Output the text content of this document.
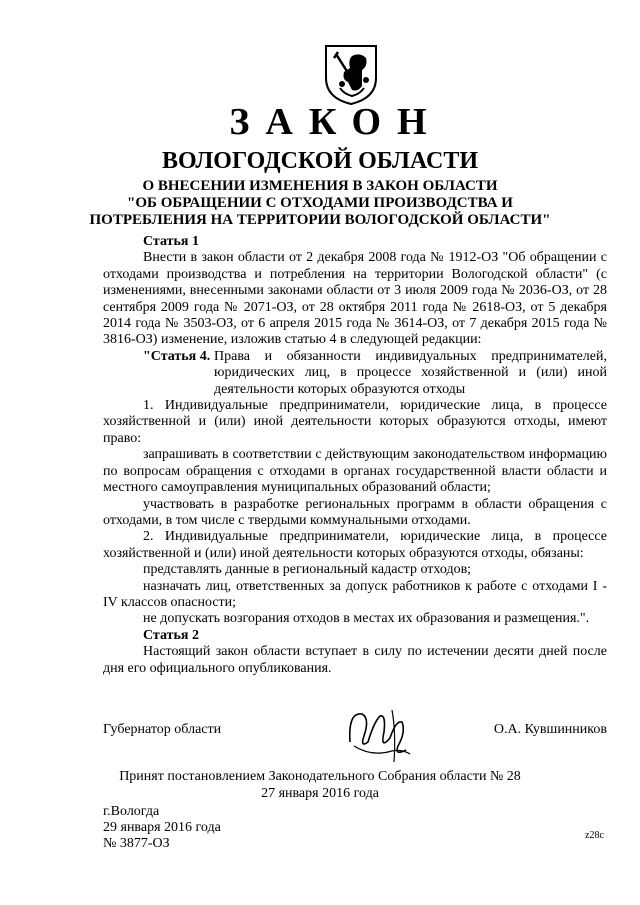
ЗАКОН
ВОЛОГОДСКОЙ ОБЛАСТИ
О ВНЕСЕНИИ ИЗМЕНЕНИЯ В ЗАКОН ОБЛАСТИ
"ОБ ОБРАЩЕНИИ С ОТХОДАМИ ПРОИЗВОДСТВА И
ПОТРЕБЛЕНИЯ НА ТЕРРИТОРИИ ВОЛОГОДСКОЙ ОБЛАСТИ"

Статья 1

Внести в закон области от 2 декабря 2008 года № 1912-ОЗ "Об обращении с отходами производства и потребления на территории Вологодской области" (с изменениями, внесенными законами области от 3 июля 2009 года № 2036-ОЗ, от 28 сентября 2009 года № 2071-ОЗ, от 28 октября 2011 года № 2618-ОЗ, от 5 декабря 2014 года № 3503-ОЗ, от 6 апреля 2015 года № 3614-ОЗ, от 7 декабря 2015 года № 3816-ОЗ) изменение, изложив статью 4 в следующей редакции:

"Статья 4. Права и обязанности индивидуальных предпринимателей, юридических лиц, в процессе хозяйственной и (или) иной деятельности которых образуются отходы

1. Индивидуальные предприниматели, юридические лица, в процессе хозяйственной и (или) иной деятельности которых образуются отходы, имеют право:

запрашивать в соответствии с действующим законодательством информацию по вопросам обращения с отходами в органах государственной власти области и местного самоуправления муниципальных образований области;

участвовать в разработке региональных программ в области обращения с отходами, в том числе с твердыми коммунальными отходами.

2. Индивидуальные предприниматели, юридические лица, в процессе хозяйственной и (или) иной деятельности которых образуются отходы, обязаны:

представлять данные в региональный кадастр отходов;

назначать лиц, ответственных за допуск работников к работе с отходами I - IV классов опасности;

не допускать возгорания отходов в местах их образования и размещения.".

Статья 2

Настоящий закон области вступает в силу по истечении десяти дней после дня его официального опубликования.

Губернатор области	О.А. Кувшинников
Принят постановлением Законодательного Собрания области № 28
27 января 2016 года
г.Вологда
29 января 2016 года
№ 3877-ОЗ
z28c
